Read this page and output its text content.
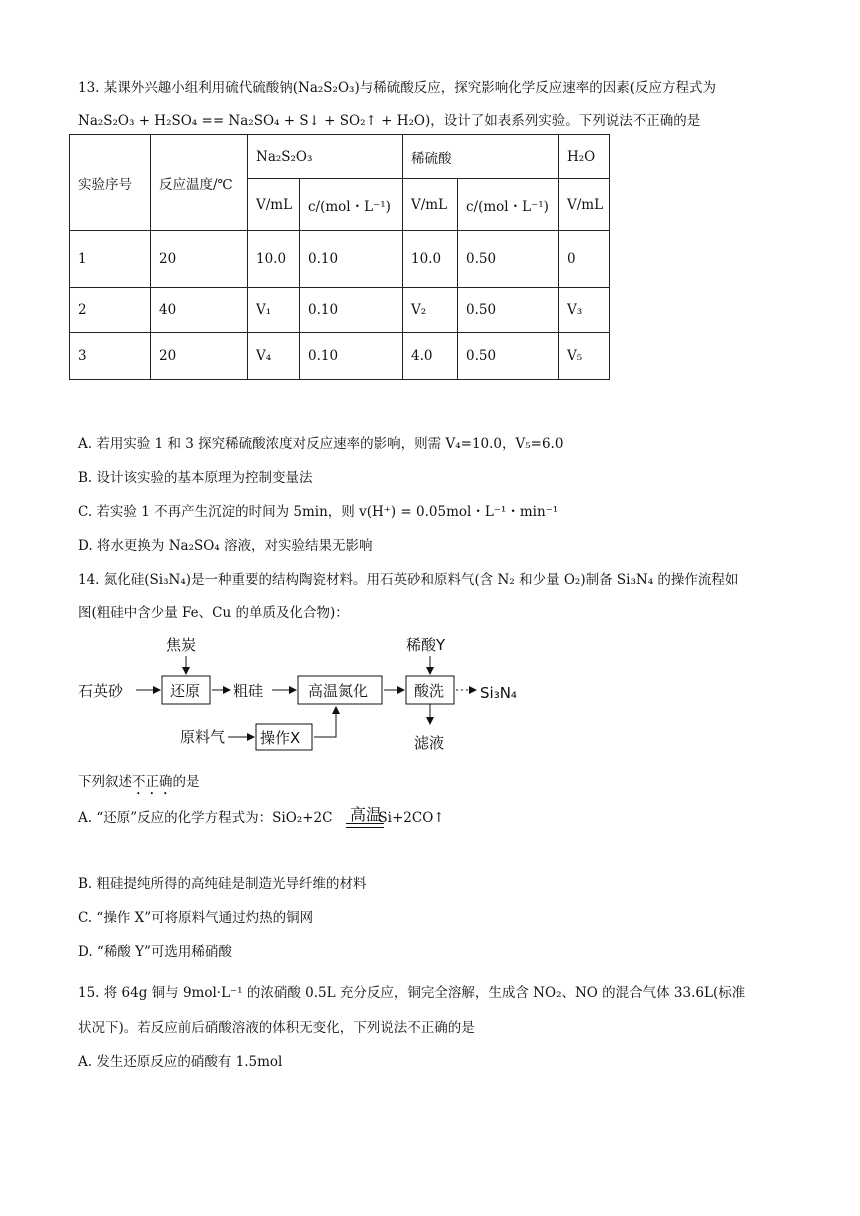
13. 某课外兴趣小组利用硫代硫酸钠(Na₂S₂O₃)与稀硫酸反应，探究影响化学反应速率的因素(反应方程式为
Na₂S₂O₃ + H₂SO₄ == Na₂SO₄ + S↓ + SO₂↑ + H₂O)，设计了如表系列实验。下列说法不正确的是
实验序号	反应温度/℃	Na₂S₂O₃		稀硫酸		H₂O
		V/mL	c/(mol・L⁻¹)	V/mL	c/(mol・L⁻¹)	V/mL
1	20	10.0	0.10	10.0	0.50	0
2	40	V₁	0.10	V₂	0.50	V₃
3	20	V₄	0.10	4.0	0.50	V₅
A. 若用实验 1 和 3 探究稀硫酸浓度对反应速率的影响，则需 V₄=10.0，V₅=6.0
B. 设计该实验的基本原理为控制变量法
C. 若实验 1 不再产生沉淀的时间为 5min，则 v(H⁺) = 0.05mol・L⁻¹・min⁻¹
D. 将水更换为 Na₂SO₄ 溶液，对实验结果无影响
14. 氮化硅(Si₃N₄)是一种重要的结构陶瓷材料。用石英砂和原料气(含 N₂ 和少量 O₂)制备 Si₃N₄ 的操作流程如
图(粗硅中含少量 Fe、Cu 的单质及化合物)：
焦炭	稀酸Y
石英砂	粗硅	Si₃N₄
原料气	滤液
还原	高温氮化	酸洗
操作X
下列叙述不正确的是
A. “还原”反应的化学方程式为：SiO₂+2C	Si+2CO↑
高温
B. 粗硅提纯所得的高纯硅是制造光导纤维的材料
C. “操作 X”可将原料气通过灼热的铜网
D. “稀酸 Y”可选用稀硝酸
15. 将 64g 铜与 9mol·L⁻¹ 的浓硝酸 0.5L 充分反应，铜完全溶解，生成含 NO₂、NO 的混合气体 33.6L(标准
状况下)。若反应前后硝酸溶液的体积无变化，下列说法不正确的是
A. 发生还原反应的硝酸有 1.5mol
